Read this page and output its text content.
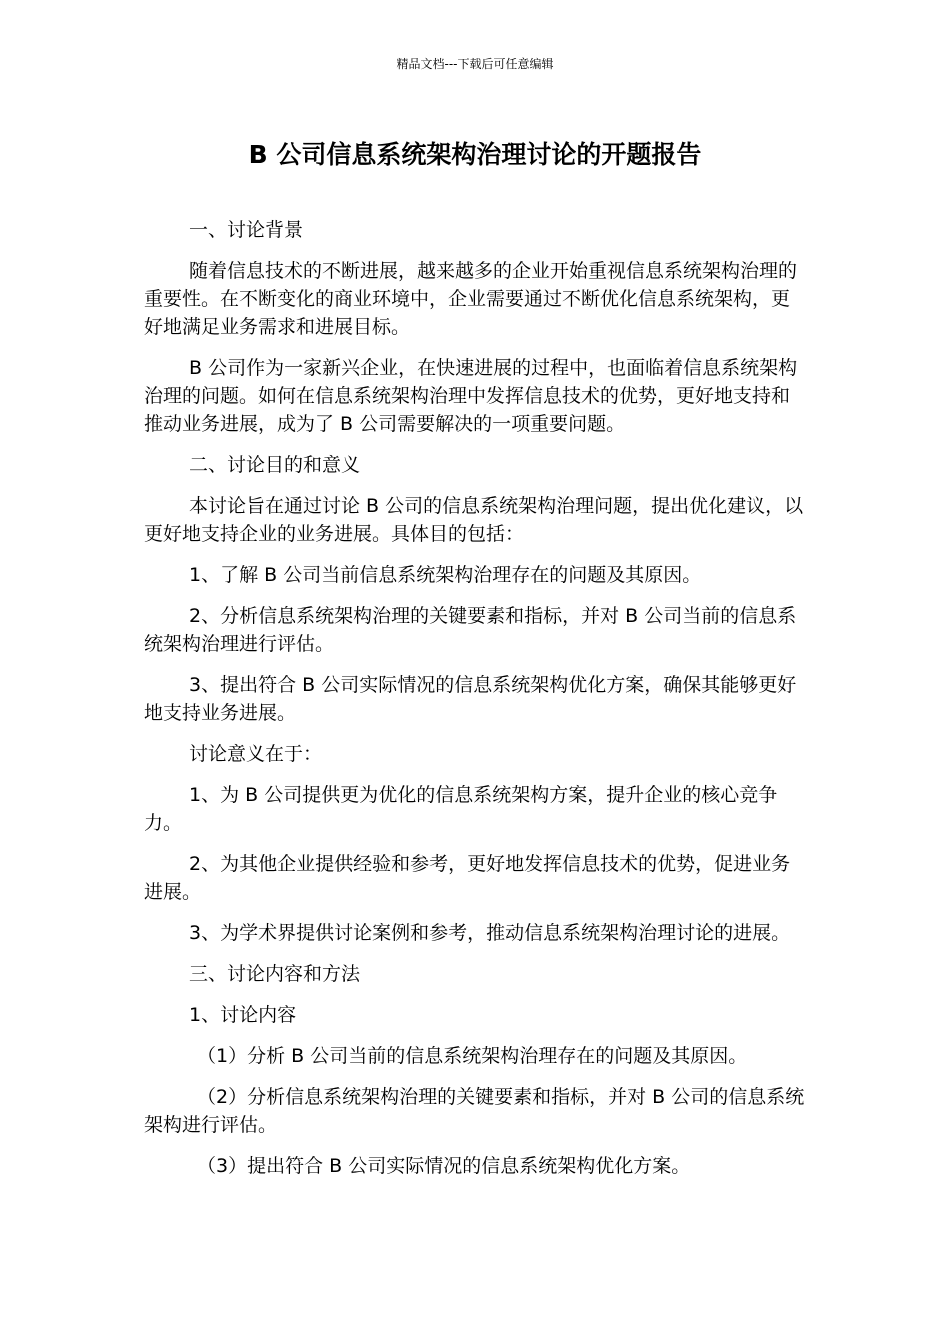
精品文档---下载后可任意编辑
B 公司信息系统架构治理讨论的开题报告

一、讨论背景

随着信息技术的不断进展，越来越多的企业开始重视信息系统架构治理的重要性。在不断变化的商业环境中，企业需要通过不断优化信息系统架构，更好地满足业务需求和进展目标。

B 公司作为一家新兴企业，在快速进展的过程中，也面临着信息系统架构治理的问题。如何在信息系统架构治理中发挥信息技术的优势，更好地支持和推动业务进展，成为了 B 公司需要解决的一项重要问题。

二、讨论目的和意义

本讨论旨在通过讨论 B 公司的信息系统架构治理问题，提出优化建议，以更好地支持企业的业务进展。具体目的包括：

1、了解 B 公司当前信息系统架构治理存在的问题及其原因。

2、分析信息系统架构治理的关键要素和指标，并对 B 公司当前的信息系统架构治理进行评估。

3、提出符合 B 公司实际情况的信息系统架构优化方案，确保其能够更好地支持业务进展。

讨论意义在于：

1、为 B 公司提供更为优化的信息系统架构方案，提升企业的核心竞争力。

2、为其他企业提供经验和参考，更好地发挥信息技术的优势，促进业务进展。

3、为学术界提供讨论案例和参考，推动信息系统架构治理讨论的进展。

三、讨论内容和方法

1、讨论内容

（1）分析 B 公司当前的信息系统架构治理存在的问题及其原因。

（2）分析信息系统架构治理的关键要素和指标，并对 B 公司的信息系统架构进行评估。

（3）提出符合 B 公司实际情况的信息系统架构优化方案。
